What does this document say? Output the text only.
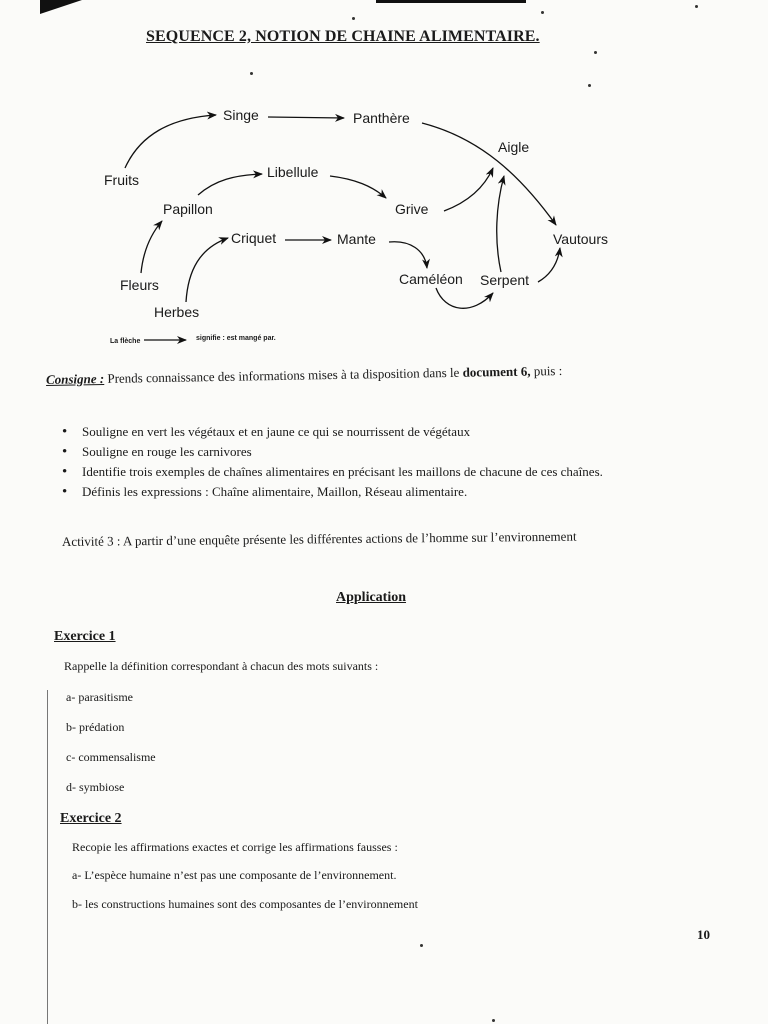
SEQUENCE 2, NOTION DE CHAINE ALIMENTAIRE.
Fruits
Singe	Panthère
Aigle
Libellule
Papillon	Grive
Criquet	Mante	Vautours
Fleurs	Caméléon Serpent
Herbes
La flèche	signifie : est mangé par.
Consigne : Prends connaissance des informations mises à ta disposition dans le document 6, puis :
• Souligne en vert les végétaux et en jaune ce qui se nourrissent de végétaux
• Souligne en rouge les carnivores
• Identifie trois exemples de chaînes alimentaires en précisant les maillons de chacune de ces chaînes.
• Définis les expressions : Chaîne alimentaire, Maillon, Réseau alimentaire.
Activité 3 : A partir d’une enquête présente les différentes actions de l’homme sur l’environnement
Application
Exercice 1
Rappelle la définition correspondant à chacun des mots suivants :
a- parasitisme
b- prédation
c- commensalisme
d- symbiose
Exercice 2
Recopie les affirmations exactes et corrige les affirmations fausses :
a- L’espèce humaine n’est pas une composante de l’environnement.
b- les constructions humaines sont des composantes de l’environnement
10
